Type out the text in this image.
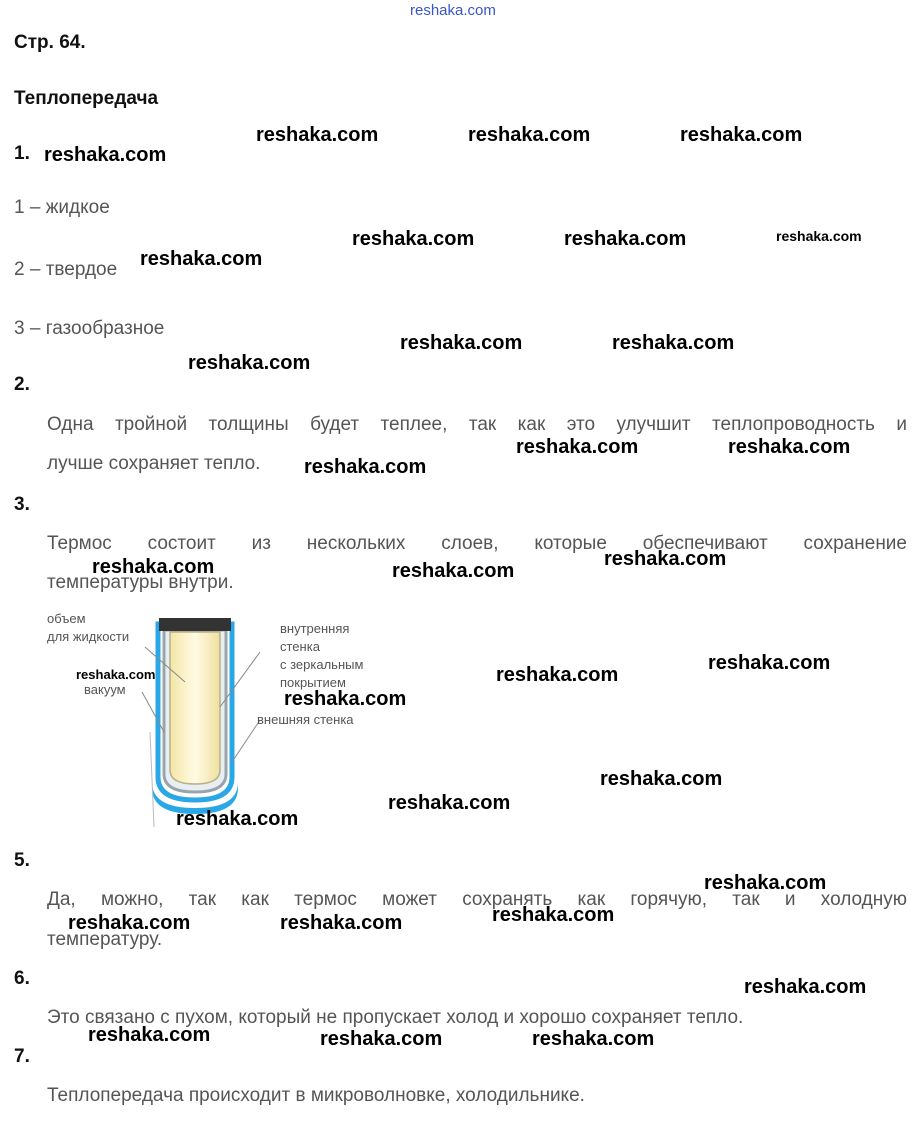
reshaka.com
Стр. 64.
Теплопередача
1.
1 – жидкое
2 – твердое
3 – газообразное
2.
Одна тройной толщины будет теплее, так как это улучшит теплопроводность и
лучше сохраняет тепло.
3.
Термос состоит из нескольких слоев, которые обеспечивают сохранение
температуры внутри.
объем
для жидкости
вакуум
внутренняя
стенка
с зеркальным
покрытием
внешняя стенка
5.
Да, можно, так как термос может сохранять как горячую, так и холодную
температуру.
6.
Это связано с пухом, который не пропускает холод и хорошо сохраняет тепло.
7.
Теплопередача происходит в микроволновке, холодильнике.
reshaka.com	reshaka.com	reshaka.com
reshaka.com
reshaka.com	reshaka.com	reshaka.com
reshaka.com
reshaka.com	reshaka.com
reshaka.com
reshaka.com	reshaka.com
reshaka.com
reshaka.com
reshaka.com	reshaka.com
reshaka.com
reshaka.com	reshaka.com
reshaka.com
reshaka.com
reshaka.com
reshaka.com
reshaka.com
reshaka.com
reshaka.com	reshaka.com
reshaka.com
reshaka.com	reshaka.com	reshaka.com
